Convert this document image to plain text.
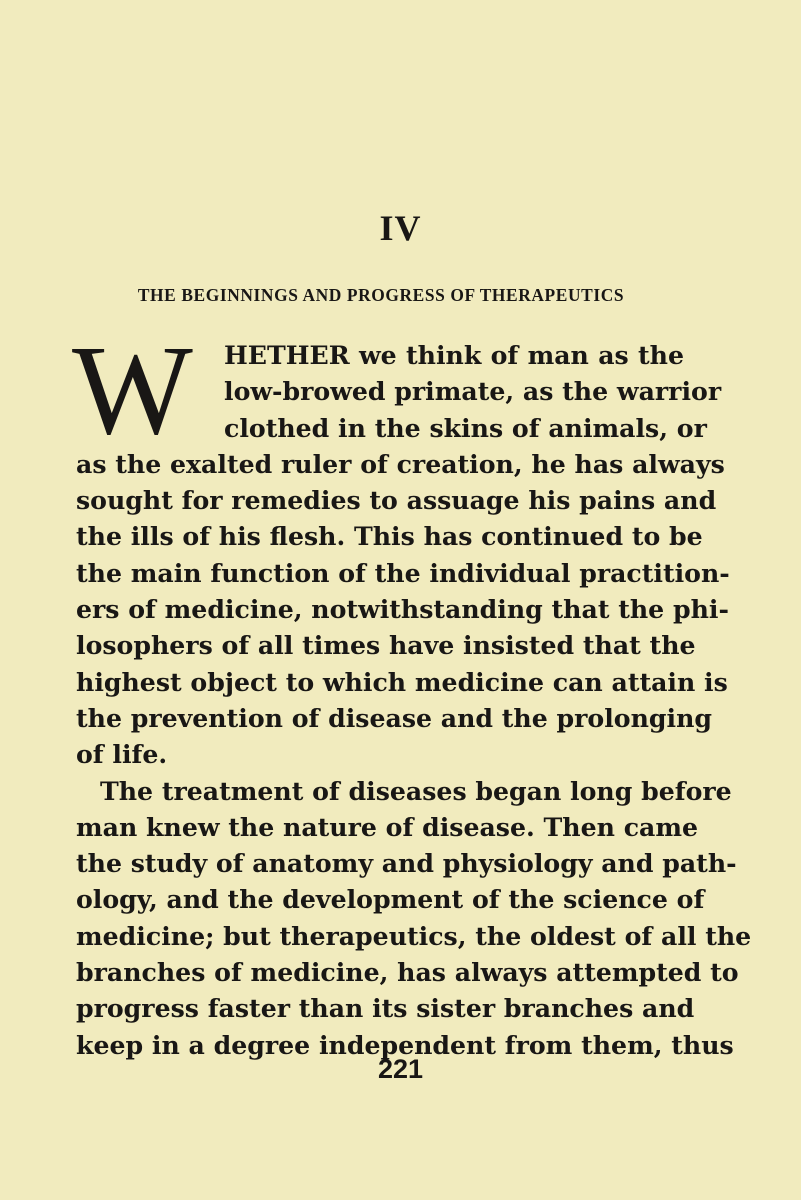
IV
THE BEGINNINGS AND PROGRESS OF THERAPEUTICS
W HETHER we think of man as the
low-browed primate, as the warrior
clothed in the skins of animals, or
as the exalted ruler of creation, he has always
sought for remedies to assuage his pains and
the ills of his flesh. This has continued to be
the main function of the individual practition-
ers of medicine, notwithstanding that the phi-
losophers of all times have insisted that the
highest object to which medicine can attain is
the prevention of disease and the prolonging
of life.
The treatment of diseases began long before
man knew the nature of disease. Then came
the study of anatomy and physiology and path-
ology, and the development of the science of
medicine; but therapeutics, the oldest of all the
branches of medicine, has always attempted to
progress faster than its sister branches and
keep in a degree independent from them, thus
221
